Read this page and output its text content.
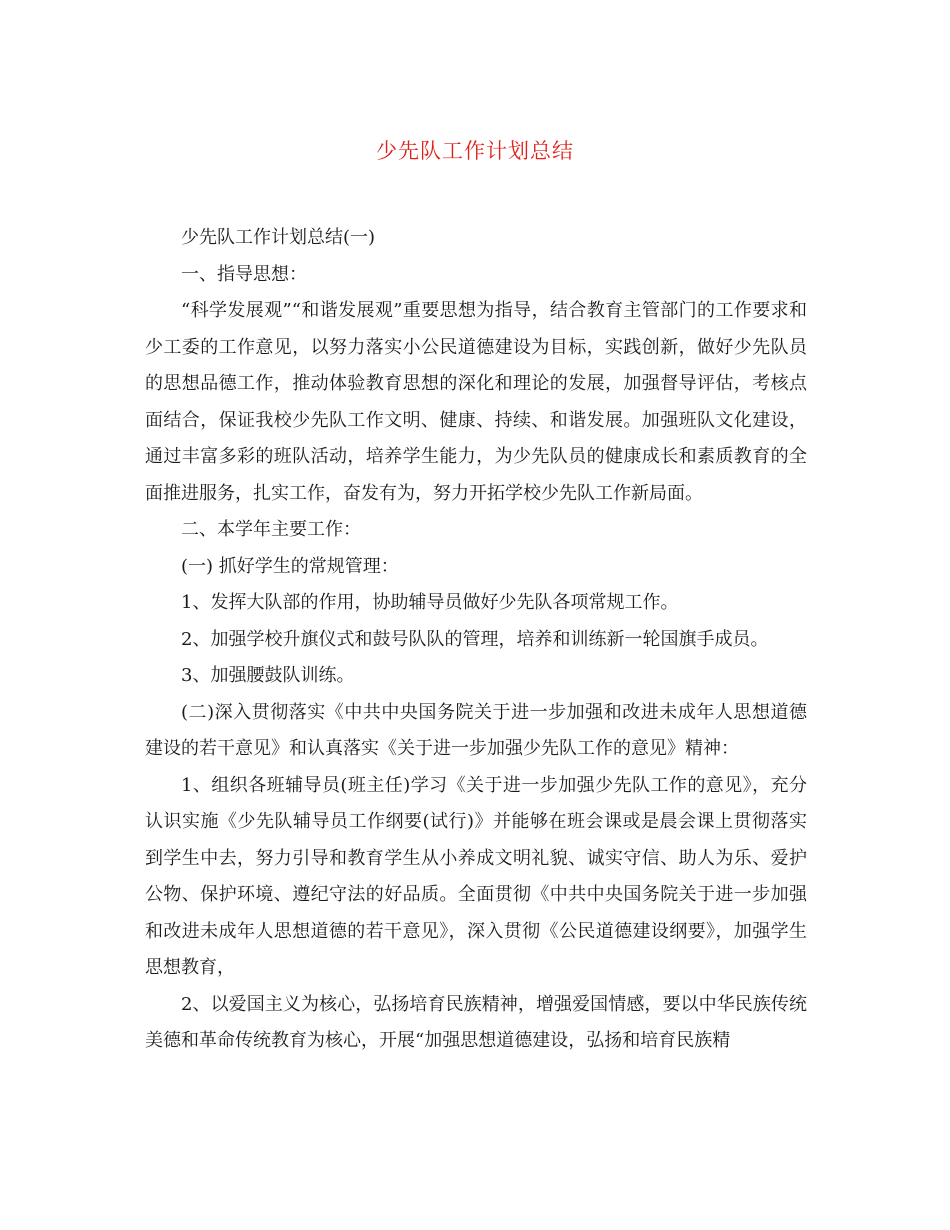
少先队工作计划总结

少先队工作计划总结(一)

一、指导思想：

“科学发展观”“和谐发展观”重要思想为指导，结合教育主管部门的工作要求和少工委的工作意见，以努力落实小公民道德建设为目标，实践创新，做好少先队员的思想品德工作，推动体验教育思想的深化和理论的发展，加强督导评估，考核点面结合，保证我校少先队工作文明、健康、持续、和谐发展。加强班队文化建设，通过丰富多彩的班队活动，培养学生能力，为少先队员的健康成长和素质教育的全面推进服务，扎实工作，奋发有为，努力开拓学校少先队工作新局面。

二、本学年主要工作：

(一) 抓好学生的常规管理：

1、发挥大队部的作用，协助辅导员做好少先队各项常规工作。

2、加强学校升旗仪式和鼓号队队的管理，培养和训练新一轮国旗手成员。

3、加强腰鼓队训练。

(二)深入贯彻落实《中共中央国务院关于进一步加强和改进未成年人思想道德建设的若干意见》和认真落实《关于进一步加强少先队工作的意见》精神：

1、组织各班辅导员(班主任)学习《关于进一步加强少先队工作的意见》，充分认识实施《少先队辅导员工作纲要(试行)》并能够在班会课或是晨会课上贯彻落实到学生中去，努力引导和教育学生从小养成文明礼貌、诚实守信、助人为乐、爱护公物、保护环境、遵纪守法的好品质。全面贯彻《中共中央国务院关于进一步加强和改进未成年人思想道德的若干意见》，深入贯彻《公民道德建设纲要》，加强学生思想教育，

2、以爱国主义为核心，弘扬培育民族精神，增强爱国情感，要以中华民族传统美德和革命传统教育为核心，开展“加强思想道德建设，弘扬和培育民族精
